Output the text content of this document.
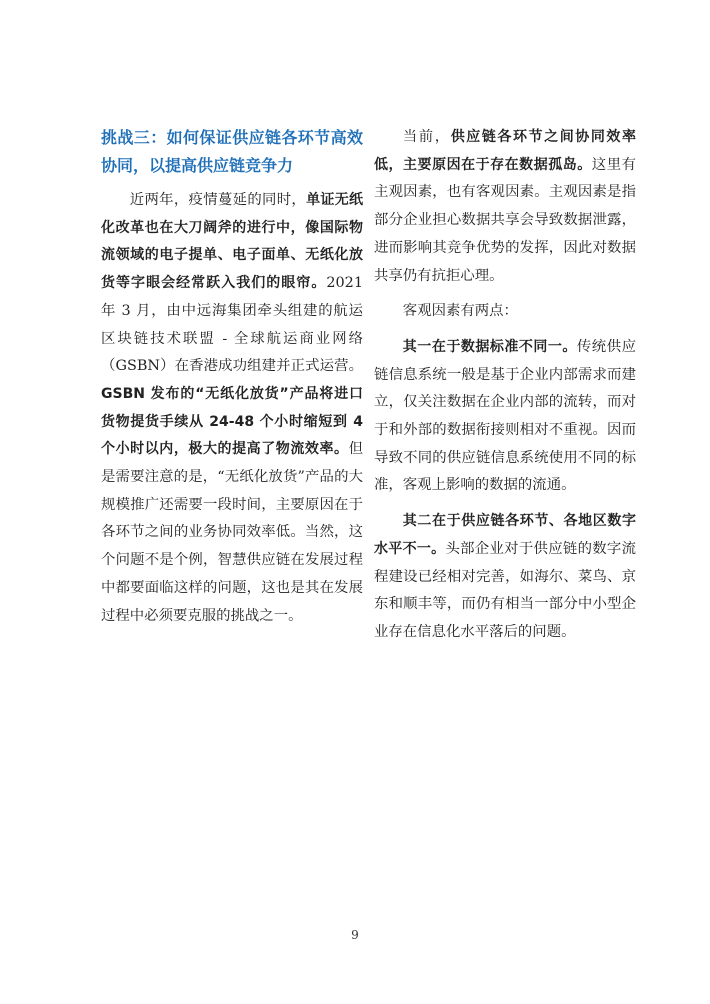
挑战三：如何保证供应链各环节高效协同，以提高供应链竞争力

近两年，疫情蔓延的同时，单证无纸化改革也在大刀阔斧的进行中，像国际物流领域的电子提单、电子面单、无纸化放货等字眼会经常跃入我们的眼帘。2021 年 3 月，由中远海集团牵头组建的航运区块链技术联盟 - 全球航运商业网络（GSBN）在香港成功组建并正式运营。GSBN 发布的“无纸化放货”产品将进口货物提货手续从 24-48 个小时缩短到 4 个小时以内，极大的提高了物流效率。但是需要注意的是，“无纸化放货”产品的大规模推广还需要一段时间，主要原因在于各环节之间的业务协同效率低。当然，这个问题不是个例，智慧供应链在发展过程中都要面临这样的问题，这也是其在发展过程中必须要克服的挑战之一。

当前，供应链各环节之间协同效率低，主要原因在于存在数据孤岛。这里有主观因素，也有客观因素。主观因素是指部分企业担心数据共享会导致数据泄露，进而影响其竞争优势的发挥，因此对数据共享仍有抗拒心理。

客观因素有两点：

其一在于数据标准不同一。传统供应链信息系统一般是基于企业内部需求而建立，仅关注数据在企业内部的流转，而对于和外部的数据衔接则相对不重视。因而导致不同的供应链信息系统使用不同的标准，客观上影响的数据的流通。

其二在于供应链各环节、各地区数字水平不一。头部企业对于供应链的数字流程建设已经相对完善，如海尔、菜鸟、京东和顺丰等，而仍有相当一部分中小型企业存在信息化水平落后的问题。

9
